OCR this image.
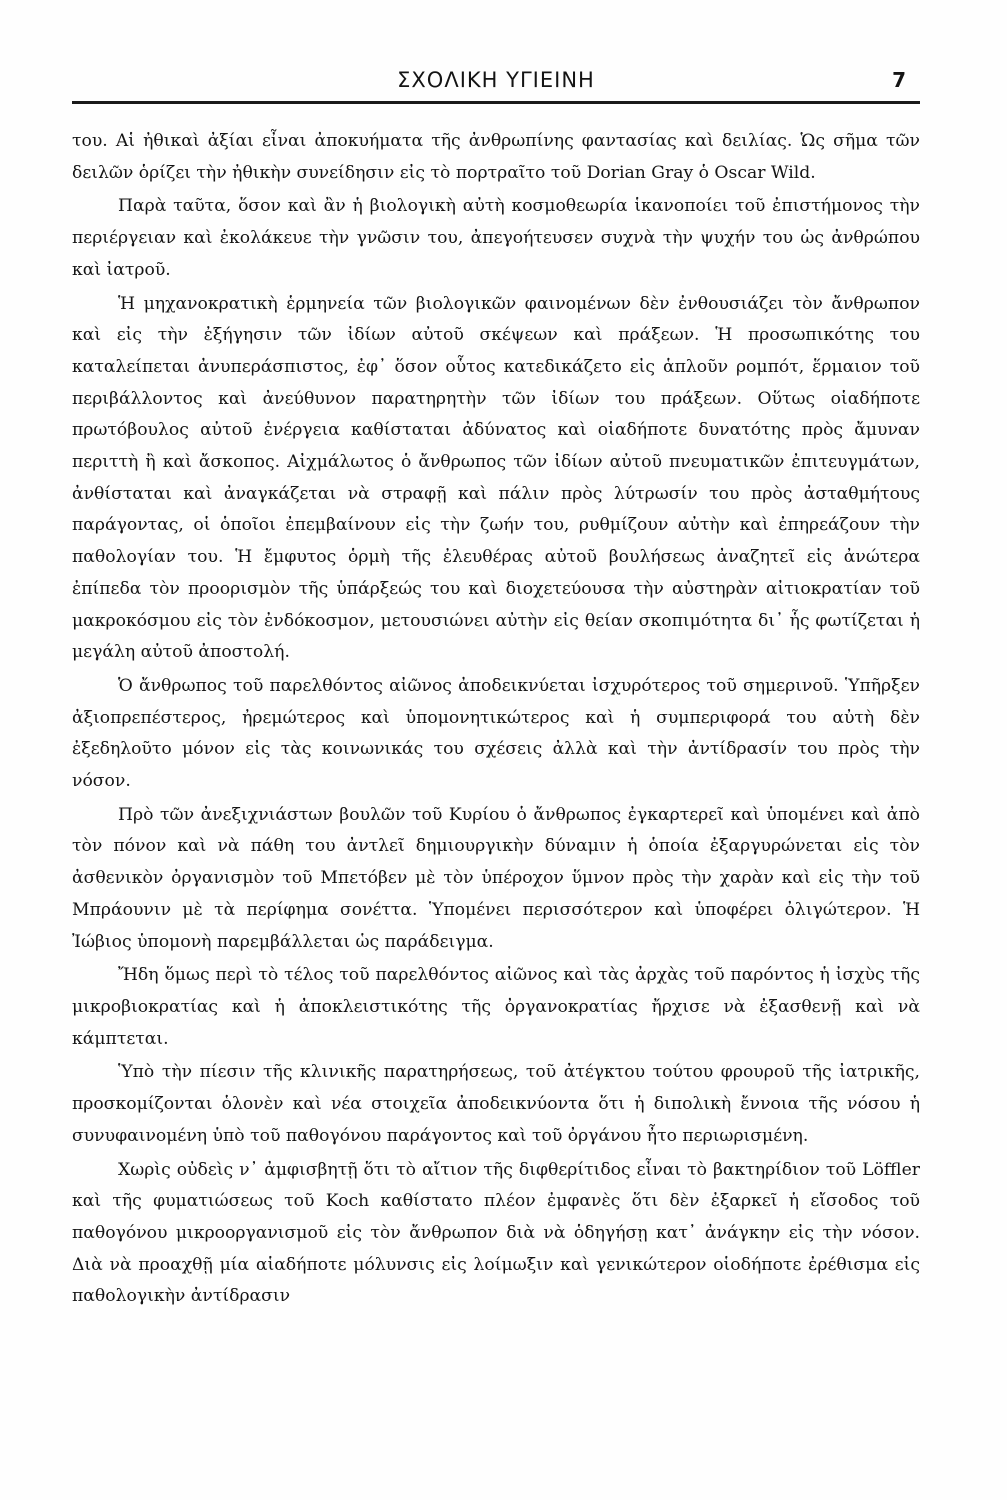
ΣΧΟΛΙΚΗ ΥΓΙΕΙΝΗ	7

του. Αἱ ἠθικαὶ ἀξίαι εἶναι ἀποκυήματα τῆς ἀνθρωπίνης φαντασίας καὶ δειλίας. Ὡς σῆμα τῶν δειλῶν ὁρίζει τὴν ἠθικὴν συνείδησιν εἰς τὸ πορτραῖτο τοῦ Dorian Gray ὁ Oscar Wild.

Παρὰ ταῦτα, ὅσον καὶ ἂν ἡ βιολογικὴ αὐτὴ κοσμοθεωρία ἱκανοποίει τοῦ ἐπιστήμονος τὴν περιέργειαν καὶ ἐκολάκευε τὴν γνῶσιν του, ἀπεγοήτευσεν συχνὰ τὴν ψυχήν του ὡς ἀνθρώπου καὶ ἰατροῦ.

Ἡ μηχανοκρατικὴ ἑρμηνεία τῶν βιολογικῶν φαινομένων δὲν ἐνθουσιάζει τὸν ἄνθρωπον καὶ εἰς τὴν ἐξήγησιν τῶν ἰδίων αὐτοῦ σκέψεων καὶ πράξεων. Ἡ προσωπικότης του καταλείπεται ἀνυπεράσπιστος, ἐφ᾽ ὅσον οὗτος κατεδικάζετο εἰς ἁπλοῦν ρομπότ, ἕρμαιον τοῦ περιβάλλοντος καὶ ἀνεύθυνον παρατηρητὴν τῶν ἰδίων του πράξεων. Οὕτως οἱαδήποτε πρωτόβουλος αὐτοῦ ἐνέργεια καθίσταται ἀδύνατος καὶ οἱαδήποτε δυνατότης πρὸς ἄμυναν περιττὴ ἢ καὶ ἄσκοπος. Αἰχμάλωτος ὁ ἄνθρωπος τῶν ἰδίων αὐτοῦ πνευματικῶν ἐπιτευγμάτων, ἀνθίσταται καὶ ἀναγκάζεται νὰ στραφῇ καὶ πάλιν πρὸς λύτρωσίν του πρὸς ἀσταθμήτους παράγοντας, οἱ ὁποῖοι ἐπεμβαίνουν εἰς τὴν ζωήν του, ρυθμίζουν αὐτὴν καὶ ἐπηρεάζουν τὴν παθολογίαν του. Ἡ ἔμφυτος ὁρμὴ τῆς ἐλευθέρας αὐτοῦ βουλήσεως ἀναζητεῖ εἰς ἀνώτερα ἐπίπεδα τὸν προορισμὸν τῆς ὑπάρξεώς του καὶ διοχετεύουσα τὴν αὐστηρὰν αἰτιοκρατίαν τοῦ μακροκόσμου εἰς τὸν ἐνδόκοσμον, μετουσιώνει αὐτὴν εἰς θείαν σκοπιμότητα δι᾽ ἧς φωτίζεται ἡ μεγάλη αὐτοῦ ἀποστολή.

Ὁ ἄνθρωπος τοῦ παρελθόντος αἰῶνος ἀποδεικνύεται ἰσχυρότερος τοῦ σημερινοῦ. Ὑπῆρξεν ἀξιοπρεπέστερος, ἠρεμώτερος καὶ ὑπομονητικώτερος καὶ ἡ συμπεριφορά του αὐτὴ δὲν ἐξεδηλοῦτο μόνον εἰς τὰς κοινωνικάς του σχέσεις ἀλλὰ καὶ τὴν ἀντίδρασίν του πρὸς τὴν νόσον.

Πρὸ τῶν ἀνεξιχνιάστων βουλῶν τοῦ Κυρίου ὁ ἄνθρωπος ἐγκαρτερεῖ καὶ ὑπομένει καὶ ἀπὸ τὸν πόνον καὶ νὰ πάθη του ἀντλεῖ δημιουργικὴν δύναμιν ἡ ὁποία ἐξαργυρώνεται εἰς τὸν ἀσθενικὸν ὀργανισμὸν τοῦ Μπετόβεν μὲ τὸν ὑπέροχον ὕμνον πρὸς τὴν χαρὰν καὶ εἰς τὴν τοῦ Μπράουνιν μὲ τὰ περίφημα σονέττα. Ὑπομένει περισσότερον καὶ ὑποφέρει ὀλιγώτερον. Ἡ Ἰώβιος ὑπομονὴ παρεμβάλλεται ὡς παράδειγμα.

Ἤδη ὅμως περὶ τὸ τέλος τοῦ παρελθόντος αἰῶνος καὶ τὰς ἀρχὰς τοῦ παρόντος ἡ ἰσχὺς τῆς μικροβιοκρατίας καὶ ἡ ἀποκλειστικότης τῆς ὀργανοκρατίας ἤρχισε νὰ ἐξασθενῇ καὶ νὰ κάμπτεται.

Ὑπὸ τὴν πίεσιν τῆς κλινικῆς παρατηρήσεως, τοῦ ἀτέγκτου τούτου φρουροῦ τῆς ἰατρικῆς, προσκομίζονται ὁλονὲν καὶ νέα στοιχεῖα ἀποδεικνύοντα ὅτι ἡ διπολικὴ ἔννοια τῆς νόσου ἡ συνυφαινομένη ὑπὸ τοῦ παθογόνου παράγοντος καὶ τοῦ ὀργάνου ἦτο περιωρισμένη.

Χωρὶς οὐδεὶς ν᾽ ἀμφισβητῇ ὅτι τὸ αἴτιον τῆς διφθερίτιδος εἶναι τὸ βακτηρίδιον τοῦ Löffler καὶ τῆς φυματιώσεως τοῦ Koch καθίστατο πλέον ἐμφανὲς ὅτι δὲν ἐξαρκεῖ ἡ εἴσοδος τοῦ παθογόνου μικροοργανισμοῦ εἰς τὸν ἄνθρωπον διὰ νὰ ὁδηγήσῃ κατ᾽ ἀνάγκην εἰς τὴν νόσον. Διὰ νὰ προαχθῇ μία αἱαδήποτε μόλυνσις εἰς λοίμωξιν καὶ γενικώτερον οἱοδήποτε ἐρέθισμα εἰς παθολογικὴν ἀντίδρασιν
